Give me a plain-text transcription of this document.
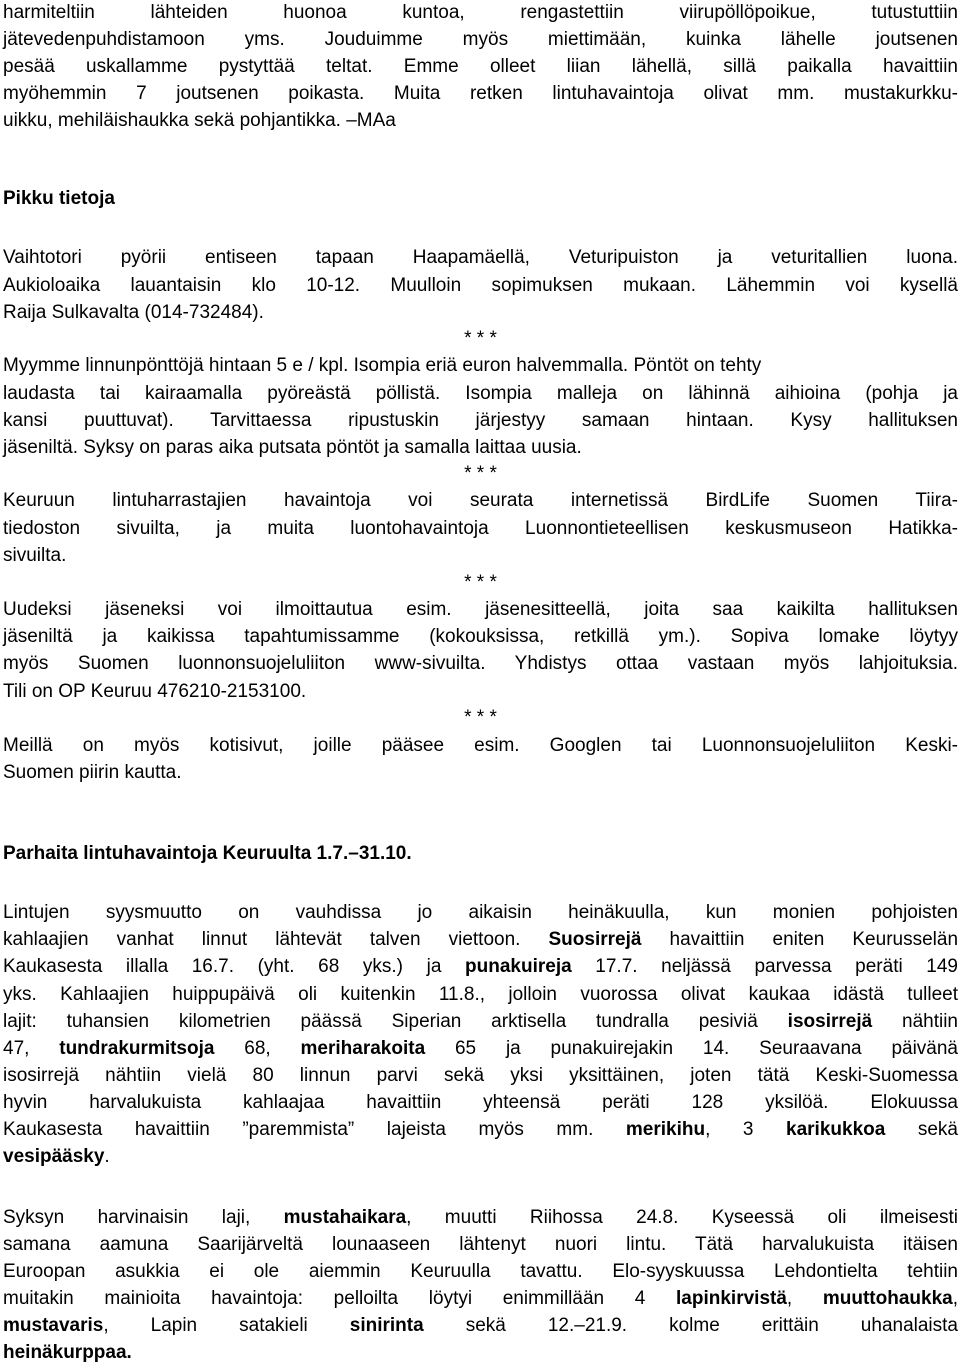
harmiteltiin lähteiden huonoa kuntoa, rengastettiin viirupöllöpoikue, tutustuttiin
jätevedenpuhdistamoon yms. Jouduimme myös miettimään, kuinka lähelle joutsenen
pesää uskallamme pystyttää teltat. Emme olleet liian lähellä, sillä paikalla havaittiin
myöhemmin 7 joutsenen poikasta. Muita retken lintuhavaintoja olivat mm. mustakurkku-
uikku, mehiläishaukka sekä pohjantikka. –MAa
Pikku tietoja
Vaihtotori pyörii entiseen tapaan Haapamäellä, Veturipuiston ja veturitallien luona.
Aukioloaika lauantaisin klo 10-12. Muulloin sopimuksen mukaan. Lähemmin voi kysellä
Raija Sulkavalta (014-732484).
* * *
Myymme linnunpönttöjä hintaan 5 e / kpl. Isompia eriä euron halvemmalla. Pöntöt on tehty
laudasta tai kairaamalla pyöreästä pöllistä. Isompia malleja on lähinnä aihioina (pohja ja
kansi puuttuvat). Tarvittaessa ripustuskin järjestyy samaan hintaan. Kysy hallituksen
jäseniltä. Syksy on paras aika putsata pöntöt ja samalla laittaa uusia.
* * *
Keuruun lintuharrastajien havaintoja voi seurata internetissä BirdLife Suomen Tiira-
tiedoston sivuilta, ja muita luontohavaintoja Luonnontieteellisen keskusmuseon Hatikka-
sivuilta.
* * *
Uudeksi jäseneksi voi ilmoittautua esim. jäsenesitteellä, joita saa kaikilta hallituksen
jäseniltä ja kaikissa tapahtumissamme (kokouksissa, retkillä ym.). Sopiva lomake löytyy
myös Suomen luonnonsuojeluliiton www-sivuilta. Yhdistys ottaa vastaan myös lahjoituksia.
Tili on OP Keuruu 476210-2153100.
* * *
Meillä on myös kotisivut, joille pääsee esim. Googlen tai Luonnonsuojeluliiton Keski-
Suomen piirin kautta.
Parhaita lintuhavaintoja Keuruulta 1.7.–31.10.
Lintujen syysmuutto on vauhdissa jo aikaisin heinäkuulla, kun monien pohjoisten
kahlaajien vanhat linnut lähtevät talven viettoon. Suosirrejä havaittiin eniten Keurusselän
Kaukasesta illalla 16.7. (yht. 68 yks.) ja punakuireja 17.7. neljässä parvessa peräti 149
yks. Kahlaajien huippupäivä oli kuitenkin 11.8., jolloin vuorossa olivat kaukaa idästä tulleet
lajit: tuhansien kilometrien päässä Siperian arktisella tundralla pesiviä isosirrejä nähtiin
47, tundrakurmitsoja 68, meriharakoita 65 ja punakuirejakin 14. Seuraavana päivänä
isosirrejä nähtiin vielä 80 linnun parvi sekä yksi yksittäinen, joten tätä Keski-Suomessa
hyvin harvalukuista kahlaajaa havaittiin yhteensä peräti 128 yksilöä. Elokuussa
Kaukasesta havaittiin ”paremmista” lajeista myös mm. merikihu, 3 karikukkoa sekä
vesipääsky.
Syksyn harvinaisin laji, mustahaikara, muutti Riihossa 24.8. Kyseessä oli ilmeisesti
samana aamuna Saarijärveltä lounaaseen lähtenyt nuori lintu. Tätä harvalukuista itäisen
Euroopan asukkia ei ole aiemmin Keuruulla tavattu. Elo-syyskuussa Lehdontielta tehtiin
muitakin mainioita havaintoja: pelloilta löytyi enimmillään 4 lapinkirvistä, muuttohaukka,
mustavaris, Lapin satakieli sinirinta sekä 12.–21.9. kolme erittäin uhanalaista
heinäkurppaa.
